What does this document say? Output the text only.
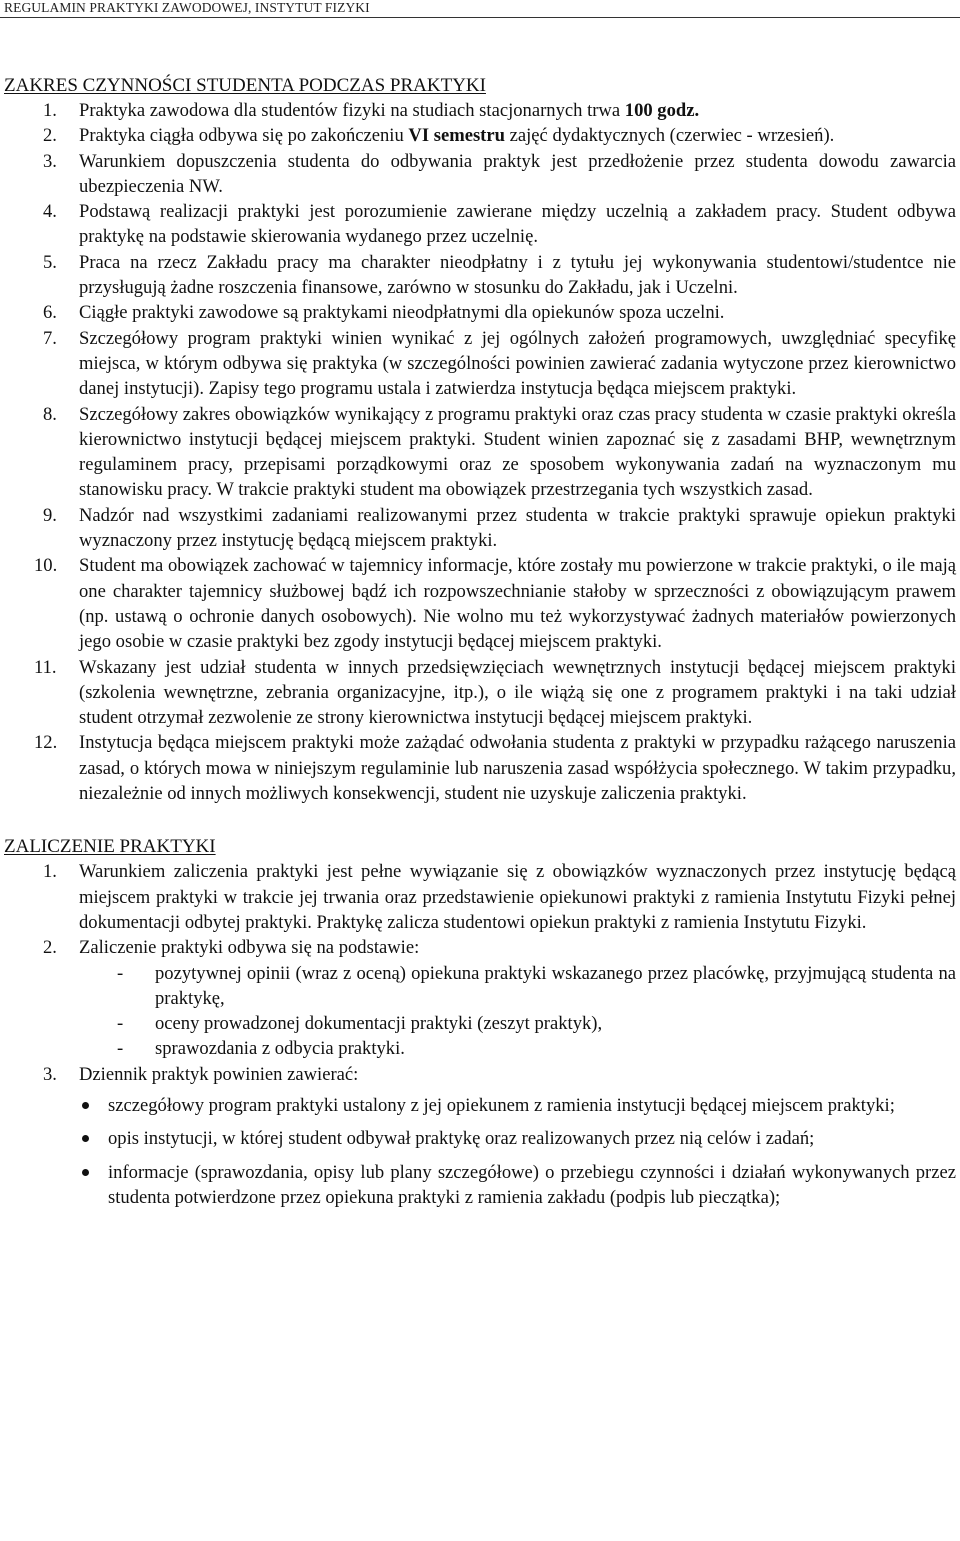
REGULAMIN PRAKTYKI ZAWODOWEJ, INSTYTUT FIZYKI
ZAKRES CZYNNOŚCI STUDENTA PODCZAS PRAKTYKI
1.	Praktyka zawodowa dla studentów fizyki na studiach stacjonarnych trwa 100 godz.
2.	Praktyka ciągła odbywa się po zakończeniu VI semestru zajęć dydaktycznych (czerwiec - wrzesień).
3.	Warunkiem dopuszczenia studenta do odbywania praktyk jest przedłożenie przez studenta dowodu zawarcia ubezpieczenia NW.
4.	Podstawą realizacji praktyki jest porozumienie zawierane między uczelnią a zakładem pracy. Student odbywa praktykę na podstawie skierowania wydanego przez uczelnię.
5.	Praca na rzecz Zakładu pracy ma charakter nieodpłatny i z tytułu jej wykonywania studentowi/studentce nie przysługują żadne roszczenia finansowe, zarówno w stosunku do Zakładu, jak i Uczelni.
6.	Ciągłe praktyki zawodowe są praktykami nieodpłatnymi dla opiekunów spoza uczelni.
7.	Szczegółowy program praktyki winien wynikać z jej ogólnych założeń programowych, uwzględniać specyfikę miejsca, w którym odbywa się praktyka (w szczególności powinien zawierać zadania wytyczone przez kierownictwo danej instytucji). Zapisy tego programu ustala i zatwierdza instytucja będąca miejscem praktyki.
8.	Szczegółowy zakres obowiązków wynikający z programu praktyki oraz czas pracy studenta w czasie praktyki określa kierownictwo instytucji będącej miejscem praktyki. Student winien zapoznać się z zasadami BHP, wewnętrznym regulaminem pracy, przepisami porządkowymi oraz ze sposobem wykonywania zadań na wyznaczonym mu stanowisku pracy. W trakcie praktyki student ma obowiązek przestrzegania tych wszystkich zasad.
9.	Nadzór nad wszystkimi zadaniami realizowanymi przez studenta w trakcie praktyki sprawuje opiekun praktyki wyznaczony przez instytucję będącą miejscem praktyki.
10.	Student ma obowiązek zachować w tajemnicy informacje, które zostały mu powierzone w trakcie praktyki, o ile mają one charakter tajemnicy służbowej bądź ich rozpowszechnianie stałoby w sprzeczności z obowiązującym prawem (np. ustawą o ochronie danych osobowych). Nie wolno mu też wykorzystywać żadnych materiałów powierzonych jego osobie w czasie praktyki bez zgody instytucji będącej miejscem praktyki.
11.	Wskazany jest udział studenta w innych przedsięwzięciach wewnętrznych instytucji będącej miejscem praktyki (szkolenia wewnętrzne, zebrania organizacyjne, itp.), o ile wiążą się one z programem praktyki i na taki udział student otrzymał zezwolenie ze strony kierownictwa instytucji będącej miejscem praktyki.
12.	Instytucja będąca miejscem praktyki może zażądać odwołania studenta z praktyki w przypadku rażącego naruszenia zasad, o których mowa w niniejszym regulaminie lub naruszenia zasad współżycia społecznego. W takim przypadku, niezależnie od innych możliwych konsekwencji, student nie uzyskuje zaliczenia praktyki.
ZALICZENIE PRAKTYKI
1.	Warunkiem zaliczenia praktyki jest pełne wywiązanie się z obowiązków wyznaczonych przez instytucję będącą miejscem praktyki w trakcie jej trwania oraz przedstawienie opiekunowi praktyki z ramienia Instytutu Fizyki pełnej dokumentacji odbytej praktyki. Praktykę zalicza studentowi opiekun praktyki z ramienia Instytutu Fizyki.
2.	Zaliczenie praktyki odbywa się na podstawie:
- pozytywnej opinii (wraz z oceną) opiekuna praktyki wskazanego przez placówkę, przyjmującą studenta na praktykę,
- oceny prowadzonej dokumentacji praktyki (zeszyt praktyk),
- sprawozdania z odbycia praktyki.
3.	Dziennik praktyk powinien zawierać:
szczegółowy program praktyki ustalony z jej opiekunem z ramienia instytucji będącej miejscem praktyki;
opis instytucji, w której student odbywał praktykę oraz realizowanych przez nią celów i zadań;
informacje (sprawozdania, opisy lub plany szczegółowe) o przebiegu czynności i działań wykonywanych przez studenta potwierdzone przez opiekuna praktyki z ramienia zakładu (podpis lub pieczątka);
